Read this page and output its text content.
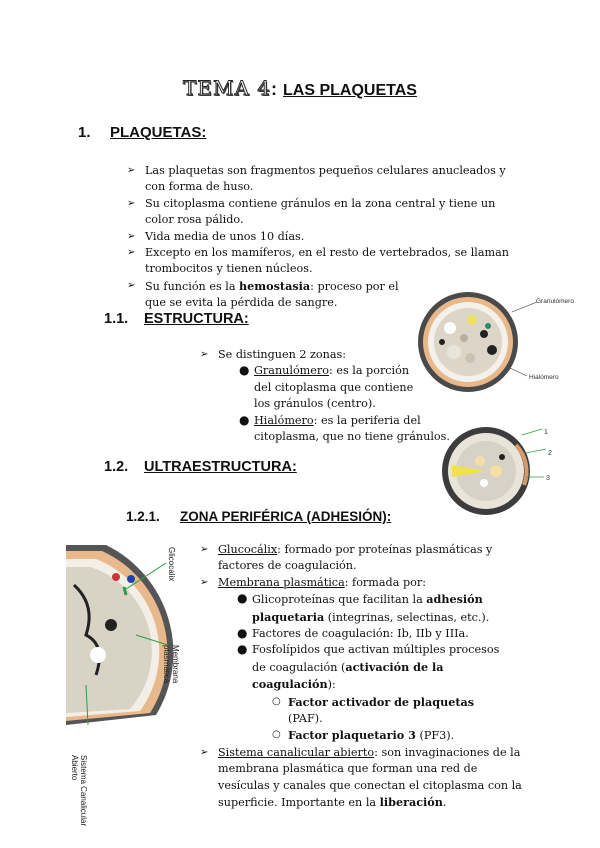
TEMA 4: LAS PLAQUETAS
1. PLAQUETAS:
➢ Las plaquetas son fragmentos pequeños celulares anucleados y con forma de huso.
➢ Su citoplasma contiene gránulos en la zona central y tiene un color rosa pálido.
➢ Vida media de unos 10 días.
➢ Excepto en los mamíferos, en el resto de vertebrados, se llaman trombocitos y tienen núcleos.
➢ Su función es la hemostasia: proceso por el que se evita la pérdida de sangre.
1.1. ESTRUCTURA:
➢ Se distinguen 2 zonas:
● Granulómero: es la porción del citoplasma que contiene los gránulos (centro).
● Hialómero: es la periferia del citoplasma, que no tiene gránulos.
Granulómero
Hialómero
1.2. ULTRAESTRUCTURA:
1
2
3
1.2.1. ZONA PERIFÉRICA (ADHESIÓN):
Glicocalix
Membrana plasmática
Sistema Canalicular Abierto
➢ Glucocálix: formado por proteínas plasmáticas y factores de coagulación.
➢ Membrana plasmática: formada por:
● Glicoproteínas que facilitan la adhesión plaquetaria (integrinas, selectinas, etc.).
● Factores de coagulación: Ib, IIb y IIIa.
● Fosfolípidos que activan múltiples procesos de coagulación (activación de la coagulación):
○ Factor activador de plaquetas (PAF).
○ Factor plaquetario 3 (PF3).
➢ Sistema canalicular abierto: son invaginaciones de la membrana plasmática que forman una red de vesículas y canales que conectan el citoplasma con la superficie. Importante en la liberación.
